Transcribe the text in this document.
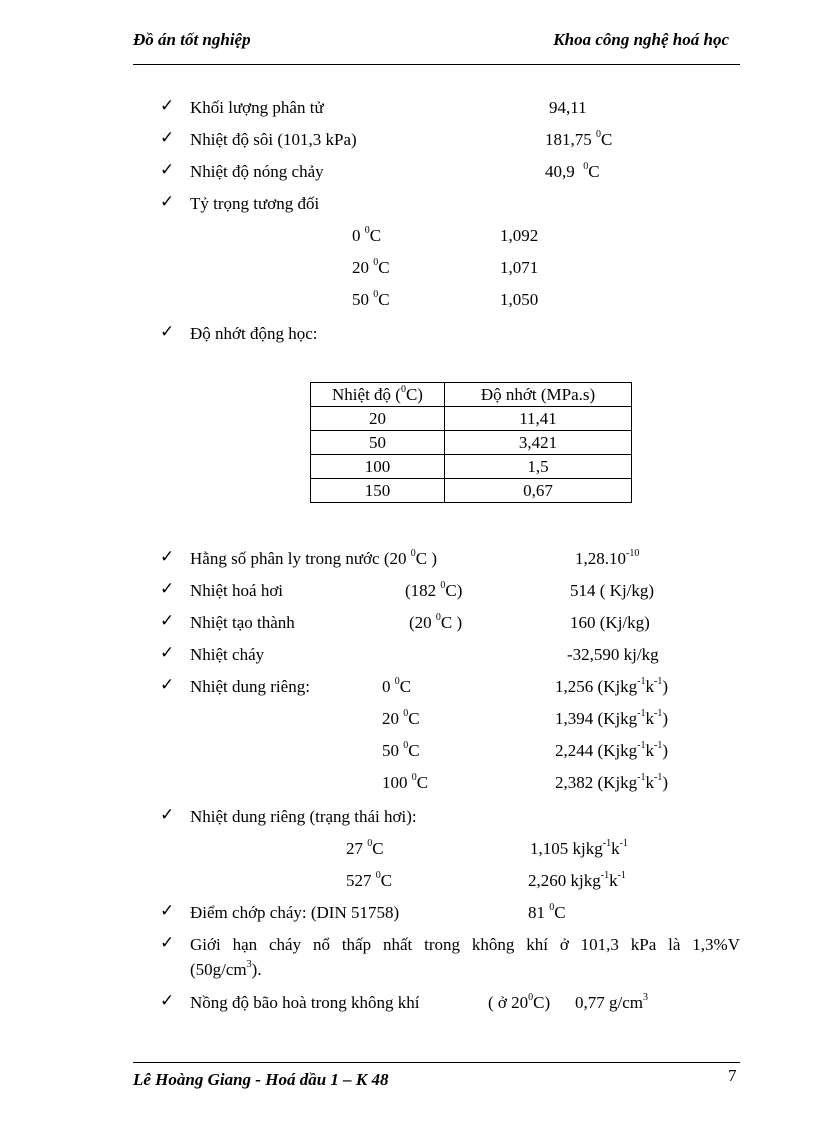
Đồ án tốt nghiệp	Khoa công nghệ hoá học
✓ Khối lượng phân tử	94,11
✓ Nhiệt độ sôi (101,3 kPa)	181,75 $^0$C
✓ Nhiệt độ nóng chảy	40,9 $^0$C
✓ Tỷ trọng tương đối
0 $^0$C	1,092
20 $^0$C	1,071
50 $^0$C	1,050
✓ Độ nhớt động học:
Nhiệt độ ($^0$C)	Độ nhớt (MPa.s)
20	11,41
50	3,421
100	1,5
150	0,67
✓ Hằng số phân ly trong nước (20 $^0$C )	$1,28.10^{-10}$
✓ Nhiệt hoá hơi	(182 $^0$C)	514 ( Kj/kg)
✓ Nhiệt tạo thành	(20 $^0$C )	160 (Kj/kg)
✓ Nhiệt cháy	-32,590 kj/kg
✓ Nhiệt dung riêng:	0 $^0$C	1,256 $(Kjkg^{-1}k^{-1})$
20 $^0$C	1,394 $(Kjkg^{-1}k^{-1})$
50 $^0$C	2,244 $(Kjkg^{-1}k^{-1})$
100 $^0$C	2,382 $(Kjkg^{-1}k^{-1})$
✓ Nhiệt dung riêng (trạng thái hơi):
27 $^0$C	1,105 $kjkg^{-1}k^{-1}$
527 $^0$C	2,260 $kjkg^{-1}k^{-1}$
✓ Điểm chớp cháy: (DIN 51758)	81 $^0$C
✓ Giới hạn cháy nổ thấp nhất trong không khí ở 101,3 kPa là 1,3%V
$(50g/cm^3)$.
✓ Nồng độ bão hoà trong không khí	( ở $20^0C$) 0,77 $g/cm^3$
Lê Hoàng Giang - Hoá dầu 1 – K 48	7
